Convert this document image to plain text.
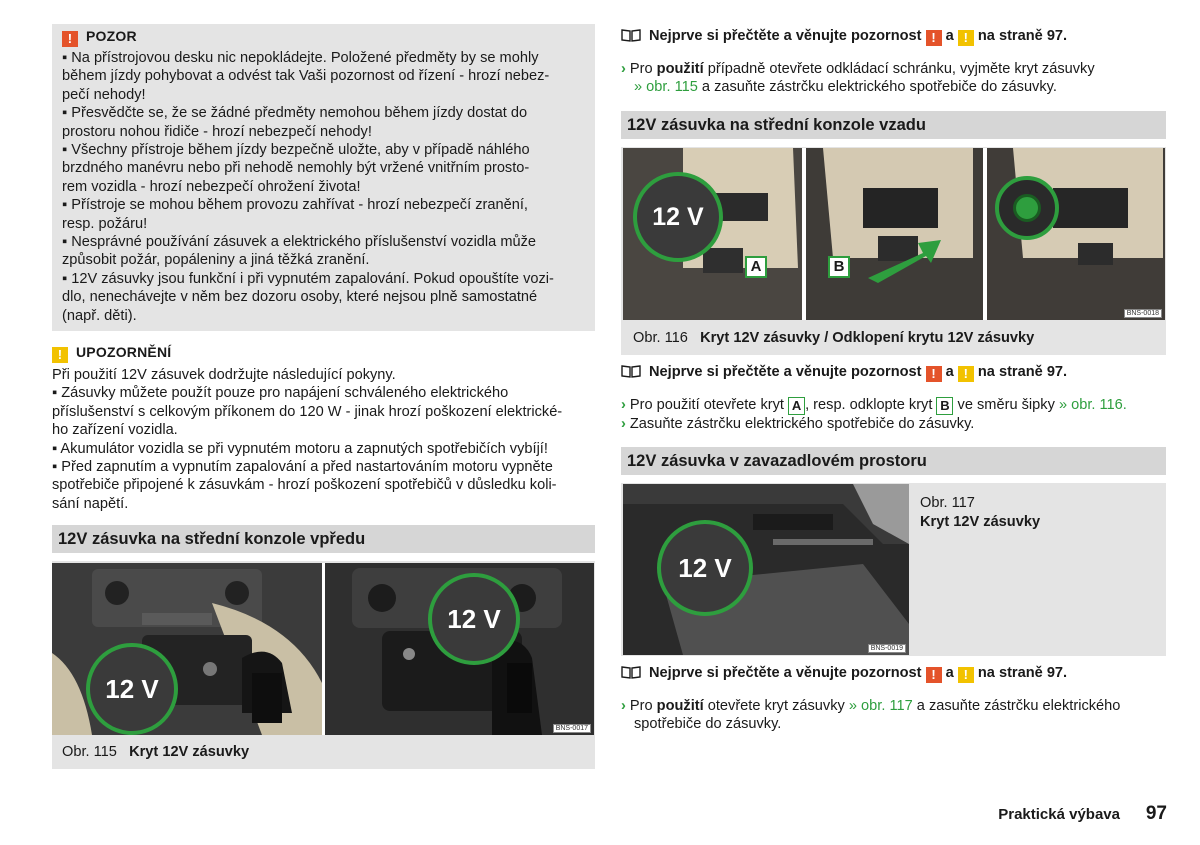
! POZOR
▪ Na přístrojovou desku nic nepokládejte. Položené předměty by se mohly
během jízdy pohybovat a odvést tak Vaši pozornost od řízení - hrozí nebez-
pečí nehody!
▪ Přesvědčte se, že se žádné předměty nemohou během jízdy dostat do
prostoru nohou řidiče - hrozí nebezpečí nehody!
▪ Všechny přístroje během jízdy bezpečně uložte, aby v případě náhlého
brzdného manévru nebo při nehodě nemohly být vržené vnitřním prosto-
rem vozidla - hrozí nebezpečí ohrožení života!
▪ Přístroje se mohou během provozu zahřívat - hrozí nebezpečí zranění,
resp. požáru!
▪ Nesprávné používání zásuvek a elektrického příslušenství vozidla může
způsobit požár, popáleniny a jiná těžká zranění.
▪ 12V zásuvky jsou funkční i při vypnutém zapalování. Pokud opouštíte vozi-
dlo, nenechávejte v něm bez dozoru osoby, které nejsou plně samostatné
(např. děti).
! UPOZORNĚNÍ
Při použití 12V zásuvek dodržujte následující pokyny.
▪ Zásuvky můžete použít pouze pro napájení schváleného elektrického
příslušenství s celkovým příkonem do 120 W - jinak hrozí poškození elektrické-
ho zařízení vozidla.
▪ Akumulátor vozidla se při vypnutém motoru a zapnutých spotřebičích vybíjí!
▪ Před zapnutím a vypnutím zapalování a před nastartováním motoru vypněte
spotřebiče připojené k zásuvkám - hrozí poškození spotřebičů v důsledku koli-
sání napětí.
12V zásuvka na střední konzole vpředu
12 V
12 V
BNS-0017
Obr. 115 Kryt 12V zásuvky
Nejprve si přečtěte a věnujte pozornost ! a ! na straně 97.
› Pro použití případně otevřete odkládací schránku, vyjměte kryt zásuvky
» obr. 115 a zasuňte zástrčku elektrického spotřebiče do zásuvky.
12V zásuvka na střední konzole vzadu
12 V
A	B
BNS-0018
Obr. 116 Kryt 12V zásuvky / Odklopení krytu 12V zásuvky
Nejprve si přečtěte a věnujte pozornost ! a ! na straně 97.
› Pro použití otevřete kryt A , resp. odklopte kryt B ve směru šipky » obr. 116.
› Zasuňte zástrčku elektrického spotřebiče do zásuvky.
12V zásuvka v zavazadlovém prostoru
12 V
BNS-0019
Obr. 117
Kryt 12V zásuvky
Nejprve si přečtěte a věnujte pozornost ! a ! na straně 97.
› Pro použití otevřete kryt zásuvky » obr. 117 a zasuňte zástrčku elektrického
spotřebiče do zásuvky.
Praktická výbava 97
